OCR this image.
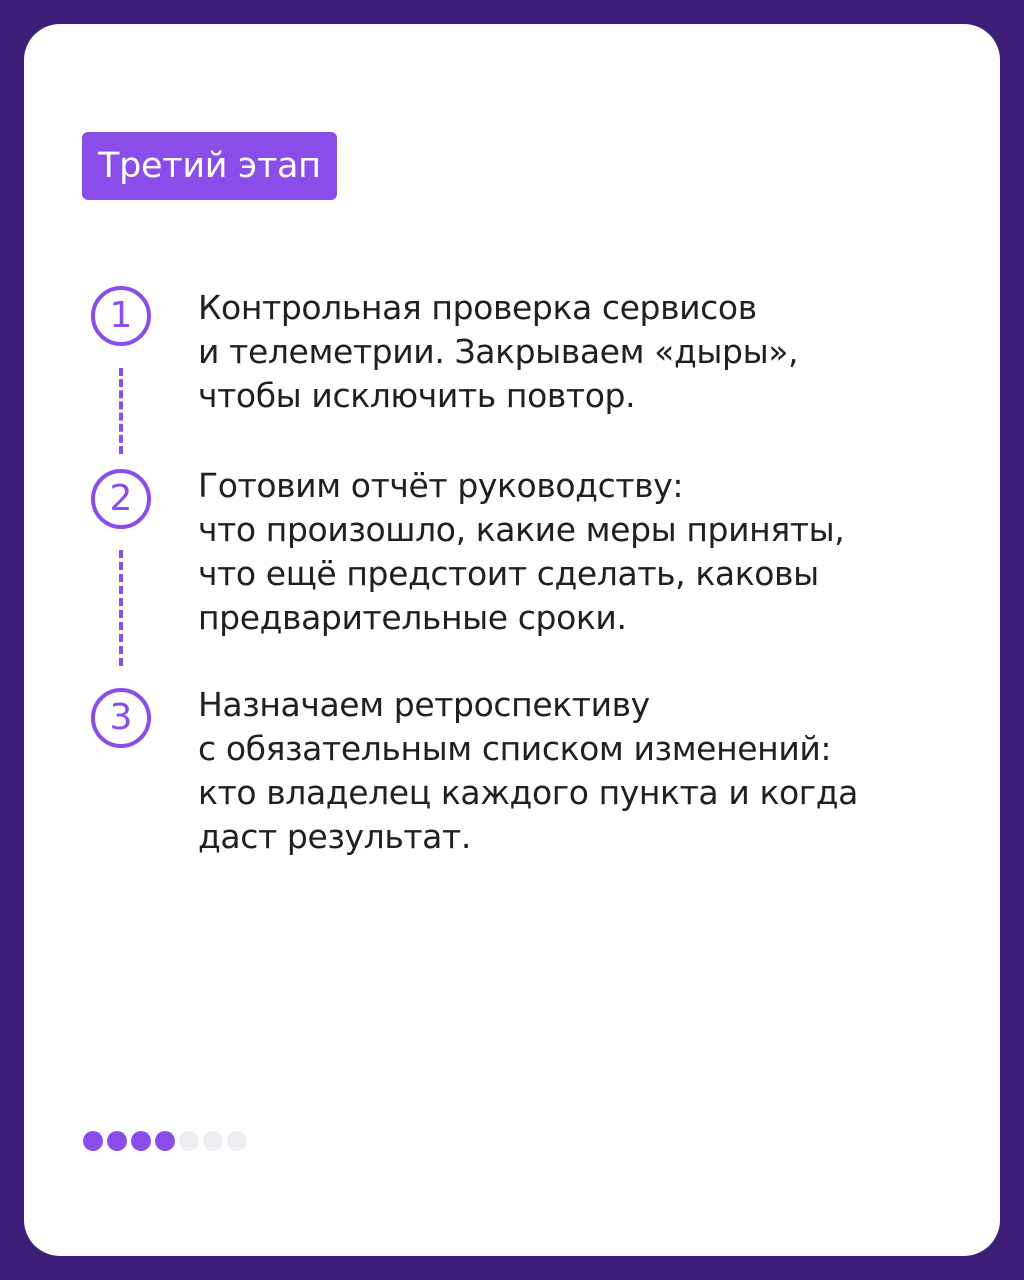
Третий этап
1	Контрольная проверка сервисов
и телеметрии. Закрываем «дыры»,
чтобы исключить повтор.
2	Готовим отчёт руководству:
что произошло, какие меры приняты,
что ещё предстоит сделать, каковы
предварительные сроки.
3	Назначаем ретроспективу
с обязательным списком изменений:
кто владелец каждого пункта и когда
даст результат.
